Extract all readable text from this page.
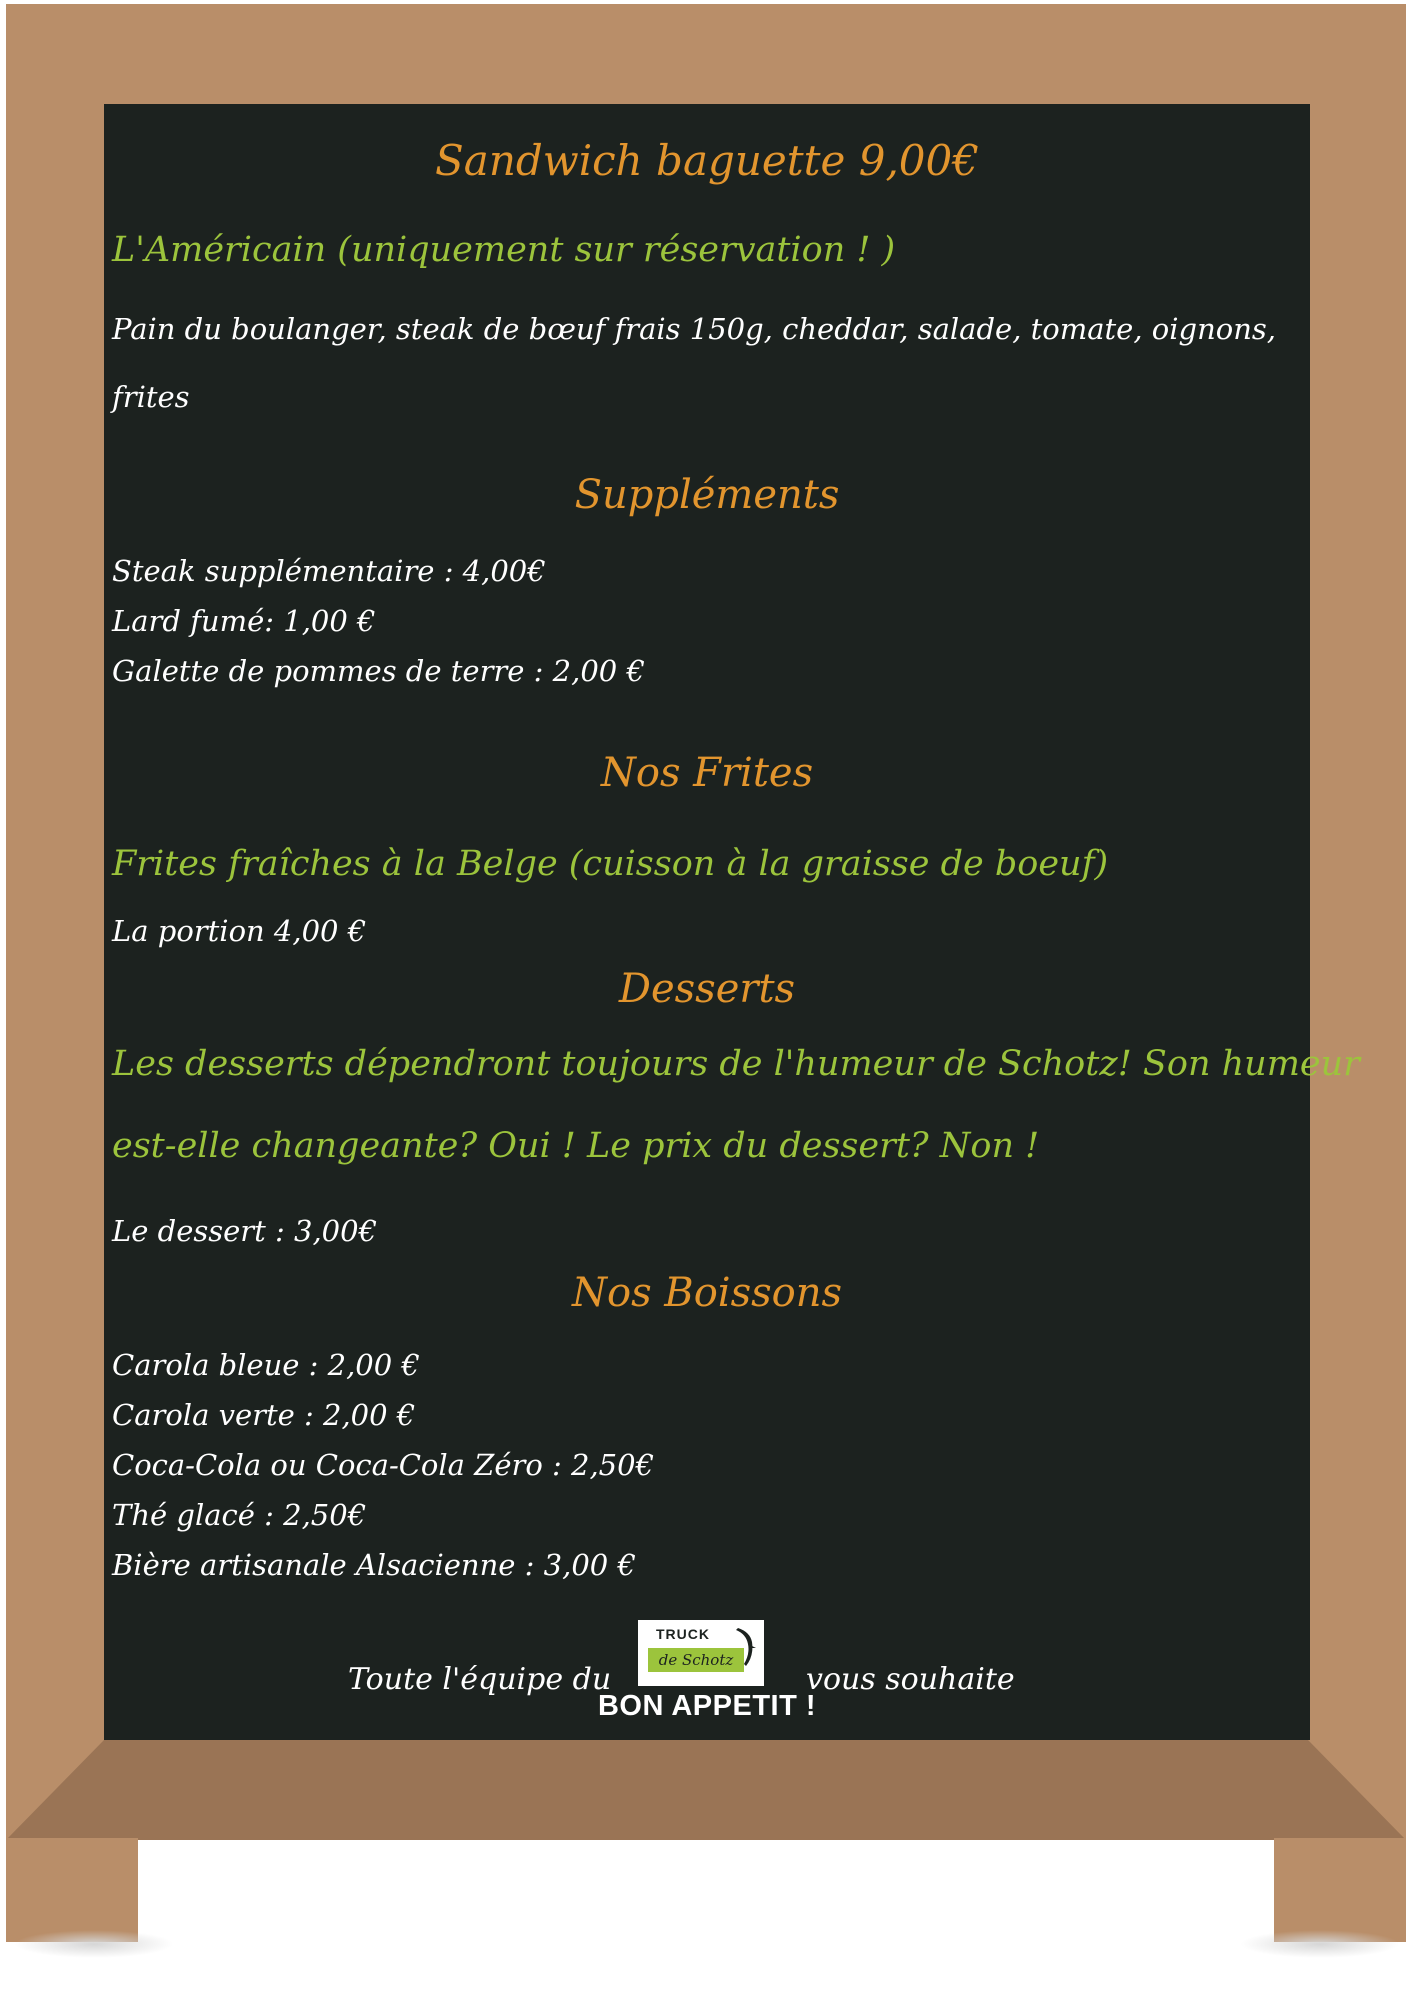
Sandwich baguette 9,00€

L'Américain (uniquement sur réservation ! )

Pain du boulanger, steak de bœuf frais 150g, cheddar, salade, tomate, oignons,

frites

Suppléments

Steak supplémentaire : 4,00€
Lard fumé: 1,00 €
Galette de pommes de terre : 2,00 €

Nos Frites

Frites fraîches à la Belge (cuisson à la graisse de boeuf)

La portion 4,00 €

Desserts

Les desserts dépendront toujours de l'humeur de Schotz! Son humeur

est-elle changeante? Oui ! Le prix du dessert? Non !

Le dessert : 3,00€

Nos Boissons

Carola bleue : 2,00 €
Carola verte : 2,00 €
Coca-Cola ou Coca-Cola Zéro : 2,50€
Thé glacé : 2,50€
Bière artisanale Alsacienne : 3,00 €

Toute l'équipe du

TRUCK
de Schotz

vous souhaite

BON APPETIT !
